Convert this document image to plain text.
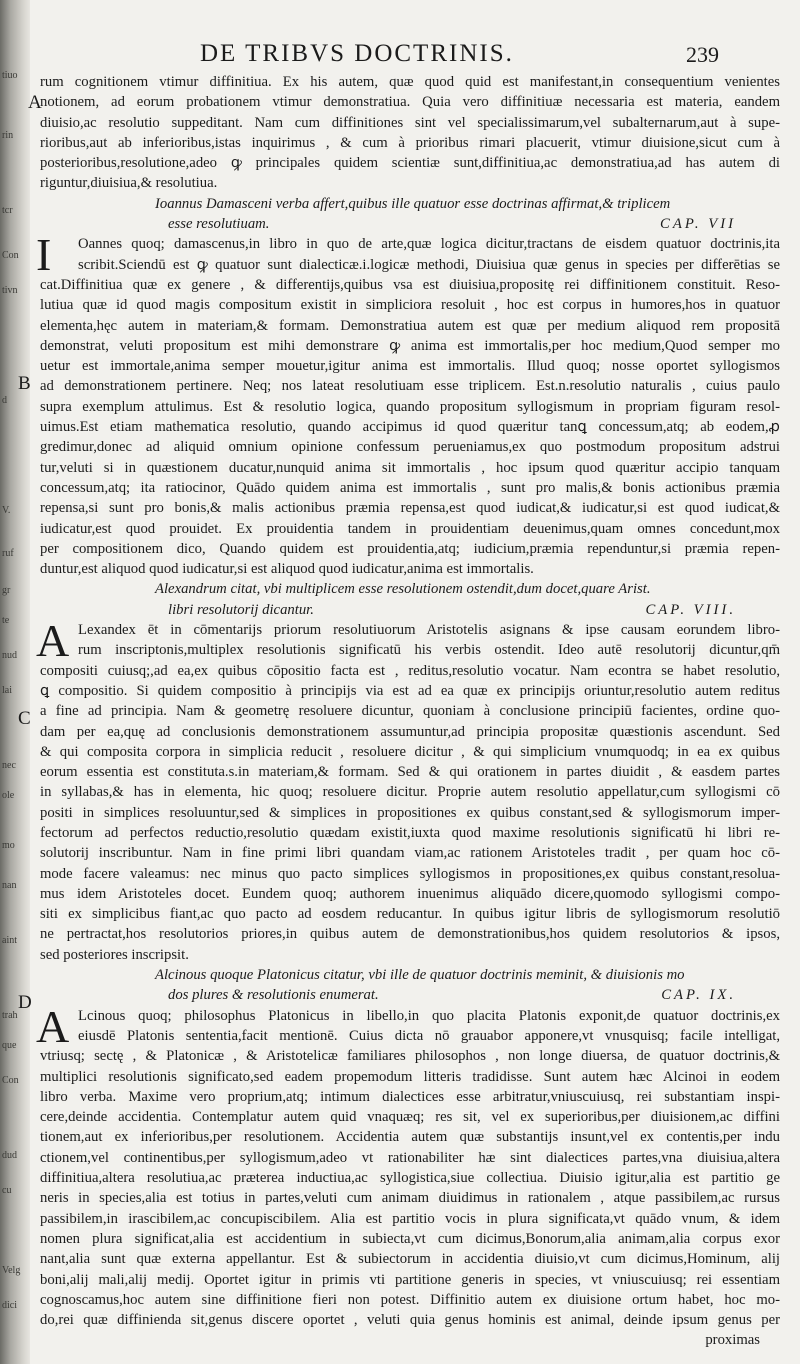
tiuo
rin
tcr
Con
tivn
d
V.
ruf
gr
te
nud
lai
nec
ole
mo
nan
aint
trah
que
Con
dud
cu
Velg
dici
DE TRIBVS DOCTRINIS.	239
A
B
C
D
rum cognitionem vtimur diffinitiua. Ex his autem, quæ quod quid est manifestant,in consequentium venientes
notionem, ad eorum probationem vtimur demonstratiua. Quia vero diffinitiuæ necessaria est materia, eandem
diuisio,ac resolutio suppeditant. Nam cum diffinitiones sint vel specialissimarum,vel subalternarum,aut à supe-
rioribus,aut ab inferioribus,istas inquirimus , & cum à prioribus rimari placuerit, vtimur diuisione,sicut cum à
posterioribus,resolutione,adeo ꝙ principales quidem scientiæ sunt,diffinitiua,ac demonstratiua,ad has autem di
riguntur,diuisiua,& resolutiua.
Ioannus Damasceni verba affert,quibus ille quatuor esse doctrinas affirmat,& triplicem
esse resolutiuam.	CAP. VII
I	Oannes quoq; damascenus,in libro in quo de arte,quæ logica dicitur,tractans de eisdem quatuor doctrinis,ita
scribit.Sciendū est ꝙ quatuor sunt dialecticæ.i.logicæ methodi, Diuisiua quæ genus in species per differētias se
cat.Diffinitiua quæ ex genere , & differentijs,quibus vsa est diuisiua,propositę rei diffinitionem constituit. Reso-
lutiua quæ id quod magis compositum existit in simpliciora resoluit , hoc est corpus in humores,hos in quatuor
elementa,hęc autem in materiam,& formam. Demonstratiua autem est quæ per medium aliquod rem propositā
demonstrat, veluti propositum est mihi demonstrare ꝙ anima est immortalis,per hoc medium,Quod semper mo
uetur est immortale,anima semper mouetur,igitur anima est immortalis. Illud quoq; nosse oportet syllogismos
ad demonstrationem pertinere. Neq; nos lateat resolutiuam esse triplicem. Est.n.resolutio naturalis , cuius paulo
supra exemplum attulimus. Est & resolutio logica, quando propositum syllogismum in propriam figuram resol-
uimus.Est etiam mathematica resolutio, quando accipimus id quod quæritur tanꝗ concessum,atq; ab eodem,ꝓ
gredimur,donec ad aliquid omnium opinione confessum perueniamus,ex quo postmodum propositum adstrui
tur,veluti si in quæstionem ducatur,nunquid anima sit immortalis , hoc ipsum quod quæritur accipio tanquam
concessum,atq; ita ratiocinor, Quādo quidem anima est immortalis , sunt pro malis,& bonis actionibus præmia
repensa,si sunt pro bonis,& malis actionibus præmia repensa,est quod iudicat,& iudicatur,si est quod iudicat,&
iudicatur,est quod prouidet. Ex prouidentia tandem in prouidentiam deuenimus,quam omnes concedunt,mox
per compositionem dico, Quando quidem est prouidentia,atq; iudicium,præmia rependuntur,si præmia repen-
duntur,est aliquod quod iudicatur,si est aliquod quod iudicatur,anima est immortalis.
Alexandrum citat, vbi multiplicem esse resolutionem ostendit,dum docet,quare Arist.
libri resolutorij dicantur.	CAP. VIII.
A Lexandex ēt in cōmentarijs priorum resolutiuorum Aristotelis asignans & ipse causam eorundem libro-
rum inscriptonis,multiplex resolutionis significatū his verbis ostendit. Ideo autē resolutorij dicuntur,qm̄
compositi cuiusq;,ad ea,ex quibus cōpositio facta est , reditus,resolutio vocatur. Nam econtra se habet resolutio,
ꝗ compositio. Si quidem compositio à principijs via est ad ea quæ ex principijs oriuntur,resolutio autem reditus
a fine ad principia. Nam & geometrę resoluere dicuntur, quoniam à conclusione principiū facientes, ordine quo-
dam per ea,quę ad conclusionis demonstrationem assumuntur,ad principia propositæ quæstionis ascendunt. Sed
& qui composita corpora in simplicia reducit , resoluere dicitur , & qui simplicium vnumquodq; in ea ex quibus
eorum essentia est constituta.s.in materiam,& formam. Sed & qui orationem in partes diuidit , & easdem partes
in syllabas,& has in elementa, hic quoq; resoluere dicitur. Proprie autem resolutio appellatur,cum syllogismi cō
positi in simplices resoluuntur,sed & simplices in propositiones ex quibus constant,sed & syllogismorum imper-
fectorum ad perfectos reductio,resolutio quædam existit,iuxta quod maxime resolutionis significatū hi libri re-
solutorij inscribuntur. Nam in fine primi libri quandam viam,ac rationem Aristoteles tradit , per quam hoc cō-
mode facere valeamus: nec minus quo pacto simplices syllogismos in propositiones,ex quibus constant,resolua-
mus idem Aristoteles docet. Eundem quoq; authorem inuenimus aliquādo dicere,quomodo syllogismi compo-
siti ex simplicibus fiant,ac quo pacto ad eosdem reducantur. In quibus igitur libris de syllogismorum resolutiō
ne pertractat,hos resolutorios priores,in quibus autem de demonstrationibus,hos quidem resolutorios & ipsos,
sed posteriores inscripsit.
Alcinous quoque Platonicus citatur, vbi ille de quatuor doctrinis meminit, & diuisionis mo
dos plures & resolutionis enumerat.	CAP. IX.
A Lcinous quoq; philosophus Platonicus in libello,in quo placita Platonis exponit,de quatuor doctrinis,ex
eiusdē Platonis sententia,facit mentionē. Cuius dicta nō grauabor apponere,vt vnusquisq; facile intelligat,
vtriusq; sectę , & Platonicæ , & Aristotelicæ familiares philosophos , non longe diuersa, de quatuor doctrinis,&
multiplici resolutionis significato,sed eadem propemodum litteris tradidisse. Sunt autem hæc Alcinoi in eodem
libro verba. Maxime vero proprium,atq; intimum dialectices esse arbitratur,vniuscuiusq, rei substantiam inspi-
cere,deinde accidentia. Contemplatur autem quid vnaquæq; res sit, vel ex superioribus,per diuisionem,ac diffini
tionem,aut ex inferioribus,per resolutionem. Accidentia autem quæ substantijs insunt,vel ex contentis,per indu
ctionem,vel continentibus,per syllogismum,adeo vt rationabiliter hæ sint dialectices partes,vna diuisiua,altera
diffinitiua,altera resolutiua,ac præterea inductiua,ac syllogistica,siue collectiua. Diuisio igitur,alia est partitio ge
neris in species,alia est totius in partes,veluti cum animam diuidimus in rationalem , atque passibilem,ac rursus
passibilem,in irascibilem,ac concupiscibilem. Alia est partitio vocis in plura significata,vt quādo vnum, & idem
nomen plura significat,alia est accidentium in subiecta,vt cum dicimus,Bonorum,alia animam,alia corpus exor
nant,alia sunt quæ externa appellantur. Est & subiectorum in accidentia diuisio,vt cum dicimus,Hominum, alij
boni,alij mali,alij medij. Oportet igitur in primis vti partitione generis in species, vt vniuscuiusq; rei essentiam
cognoscamus,hoc autem sine diffinitione fieri non potest. Diffinitio autem ex diuisione ortum habet, hoc mo-
do,rei quæ diffinienda sit,genus discere oportet , veluti quia genus hominis est animal, deinde ipsum genus per
proximas
